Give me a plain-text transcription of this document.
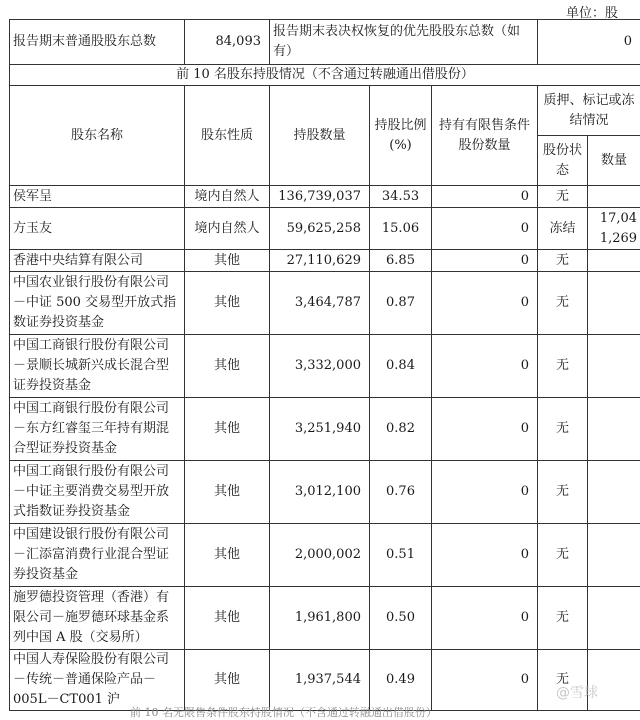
单位：股
报告期末普通股股东总数	84,093	报告期末表决权恢复的优先股股东总数（如有）			0	
前 10 名股东持股情况（不含通过转融通出借股份）						
股东名称	股东性质	持股数量	持股比例(%)	持有有限售条件股份数量	质押、标记或冻结情况	
					股份状态	数量
侯军呈	境内自然人	136,739,037	34.53	0	无	
方玉友	境内自然人	59,625,258	15.06	0	冻结	17,041,269
香港中央结算有限公司	其他	27,110,629	6.85	0	无	
中国农业银行股份有限公司－中证 500 交易型开放式指数证券投资基金	其他	3,464,787	0.87	0	无	
中国工商银行股份有限公司－景顺长城新兴成长混合型证券投资基金	其他	3,332,000	0.84	0	无	
中国工商银行股份有限公司－东方红睿玺三年持有期混合型证券投资基金	其他	3,251,940	0.82	0	无	
中国工商银行股份有限公司－中证主要消费交易型开放式指数证券投资基金	其他	3,012,100	0.76	0	无	
中国建设银行股份有限公司－汇添富消费行业混合型证券投资基金	其他	2,000,002	0.51	0	无	
施罗德投资管理（香港）有限公司－施罗德环球基金系列中国 A 股（交易所）	其他	1,961,800	0.50	0	无	
中国人寿保险股份有限公司－传统－普通保险产品－005L－CT001 沪	其他	1,937,544	0.49	0	无	
@雪球
前 10 名无限售条件股东持股情况（不含通过转融通出借股份）
